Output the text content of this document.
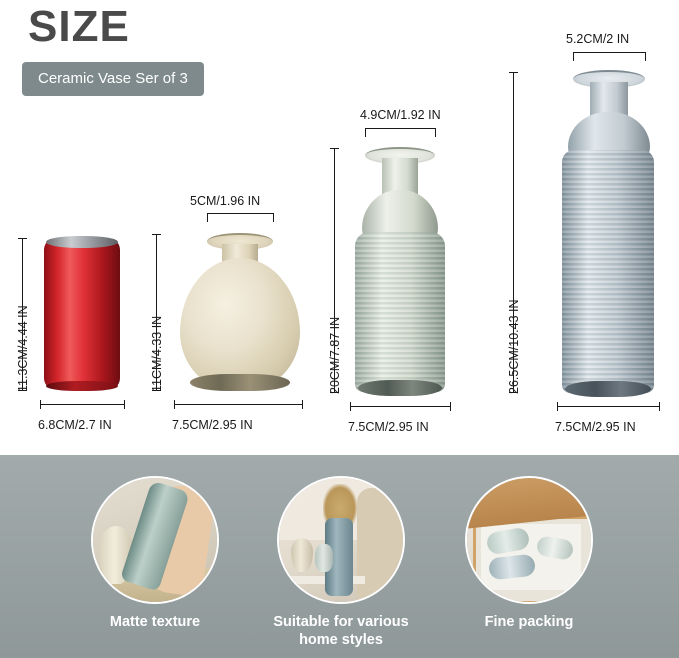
SIZE
Ceramic Vase Ser of 3
11.3CM/4.44 IN
6.8CM/2.7 IN
5CM/1.96 IN
11CM/4.33 IN
7.5CM/2.95 IN
4.9CM/1.92 IN
20CM/7.87 IN
7.5CM/2.95 IN
5.2CM/2 IN
26.5CM/10.43 IN
7.5CM/2.95 IN
Matte texture	Suitable for various
home styles
Fine packing
